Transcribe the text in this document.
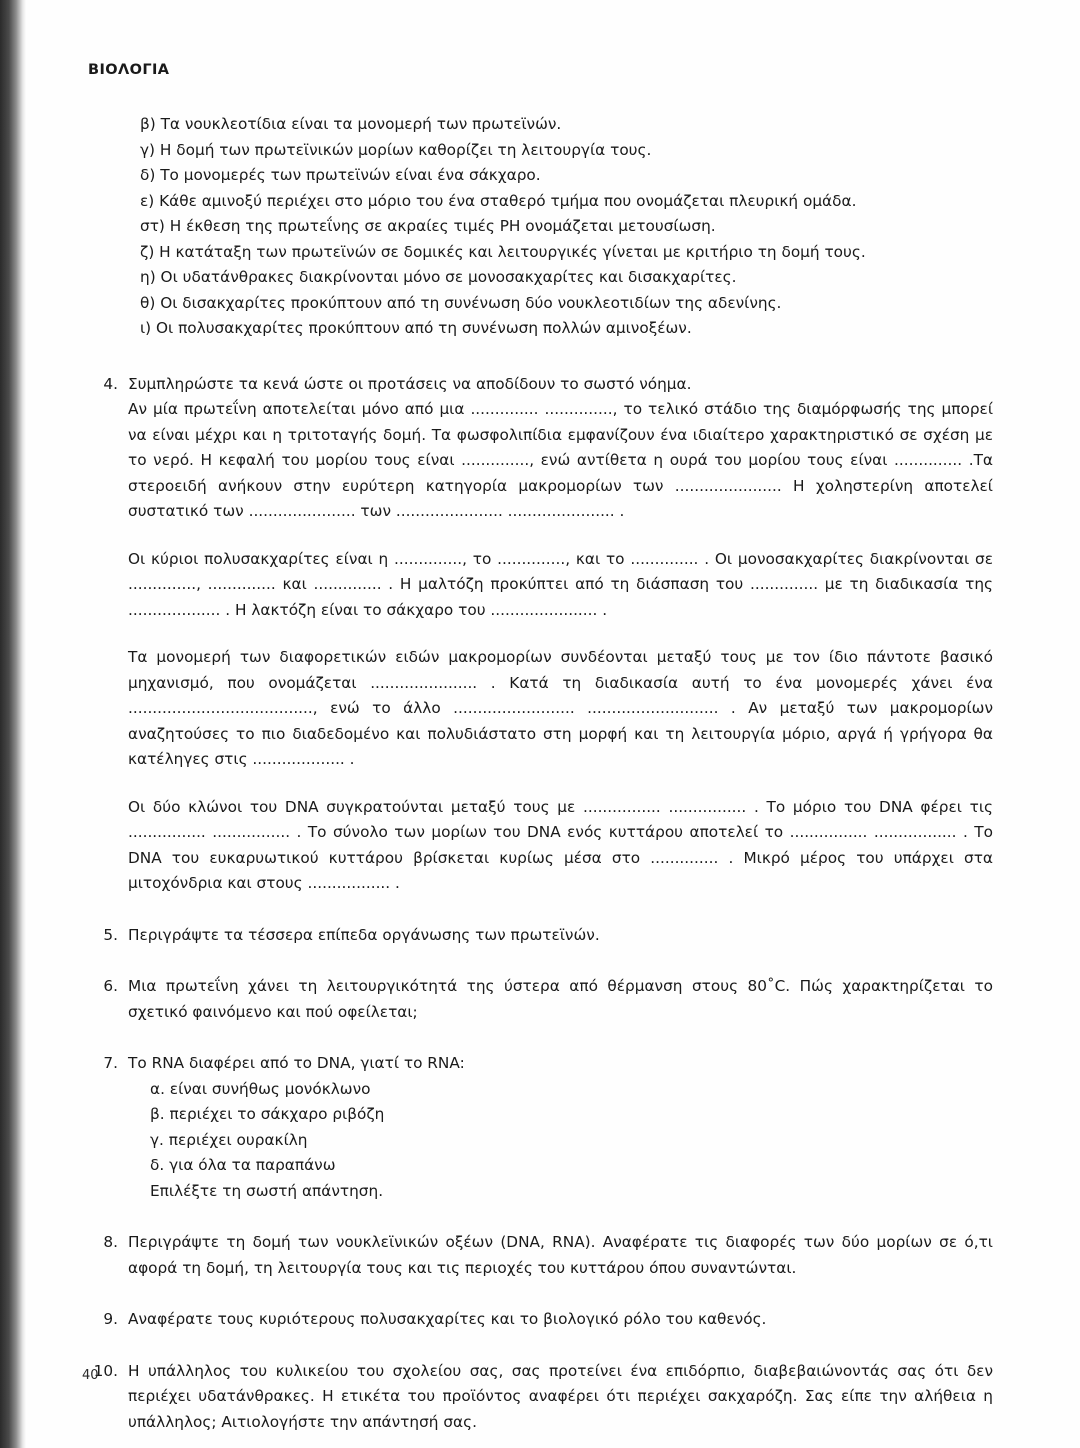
ΒΙΟΛΟΓΙΑ
β) Τα νουκλεοτίδια είναι τα μονομερή των πρωτεϊνών.
γ) Η δομή των πρωτεϊνικών μορίων καθορίζει τη λειτουργία τους.
δ) Το μονομερές των πρωτεϊνών είναι ένα σάκχαρο.
ε) Κάθε αμινοξύ περιέχει στο μόριο του ένα σταθερό τμήμα που ονομάζεται πλευρική ομάδα.
στ) Η έκθεση της πρωτεΐνης σε ακραίες τιμές PH ονομάζεται μετουσίωση.
ζ) Η κατάταξη των πρωτεϊνών σε δομικές και λειτουργικές γίνεται με κριτήριο τη δομή τους.
η) Οι υδατάνθρακες διακρίνονται μόνο σε μονοσακχαρίτες και δισακχαρίτες.
θ) Οι δισακχαρίτες προκύπτουν από τη συνένωση δύο νουκλεοτιδίων της αδενίνης.
ι) Οι πολυσακχαρίτες προκύπτουν από τη συνένωση πολλών αμινοξέων.
4. Συμπληρώστε τα κενά ώστε οι προτάσεις να αποδίδουν το σωστό νόημα.

Αν μία πρωτεΐνη αποτελείται μόνο από μια .............. .............., το τελικό στάδιο της διαμόρφωσής της μπορεί να είναι μέχρι και η τριτοταγής δομή. Τα φωσφολιπίδια εμφανίζουν ένα ιδιαίτερο χαρακτηριστικό σε σχέση με το νερό. Η κεφαλή του μορίου τους είναι .............., ενώ αντίθετα η ουρά του μορίου τους είναι .............. .Τα στεροειδή ανήκουν στην ευρύτερη κατηγορία μακρομορίων των ...................... Η χοληστερίνη αποτελεί συστατικό των ...................... των ...................... ...................... .

Οι κύριοι πολυσακχαρίτες είναι η .............., το .............., και το .............. . Οι μονοσακχαρίτες διακρίνονται σε .............., .............. και .............. . Η μαλτόζη προκύπτει από τη διάσπαση του .............. με τη διαδικασία της ................... . Η λακτόζη είναι το σάκχαρο του ...................... .

Τα μονομερή των διαφορετικών ειδών μακρομορίων συνδέονται μεταξύ τους με τον ίδιο πάντοτε βασικό μηχανισμό, που ονομάζεται ...................... . Κατά τη διαδικασία αυτή το ένα μονομερές χάνει ένα ......................................, ενώ το άλλο ......................... ........................... . Αν μεταξύ των μακρομορίων αναζητούσες το πιο διαδεδομένο και πολυδιάστατο στη μορφή και τη λειτουργία μόριο, αργά ή γρήγορα θα κατέληγες στις ................... .

Οι δύο κλώνοι του DNA συγκρατούνται μεταξύ τους με ................ ................ . Το μόριο του DNA φέρει τις ................ ................ . Το σύνολο των μορίων του DNA ενός κυττάρου αποτελεί το ................ ................. . Το DNA του ευκαρυωτικού κυττάρου βρίσκεται κυρίως μέσα στο .............. . Μικρό μέρος του υπάρχει στα μιτοχόνδρια και στους ................. .

5. Περιγράψτε τα τέσσερα επίπεδα οργάνωσης των πρωτεϊνών.

6. Μια πρωτεΐνη χάνει τη λειτουργικότητά της ύστερα από θέρμανση στους 80˚C. Πώς χαρακτηρίζεται το σχετικό φαινόμενο και πού οφείλεται;

7. Το RNA διαφέρει από το DNA, γιατί το RNA:

α. είναι συνήθως μονόκλωνο

β. περιέχει το σάκχαρο ριβόζη

γ. περιέχει ουρακίλη

δ. για όλα τα παραπάνω

Επιλέξτε τη σωστή απάντηση.

8. Περιγράψτε τη δομή των νουκλεϊνικών οξέων (DNA, RNA). Αναφέρατε τις διαφορές των δύο μορίων σε ό,τι αφορά τη δομή, τη λειτουργία τους και τις περιοχές του κυττάρου όπου συναντώνται.

9. Αναφέρατε τους κυριότερους πολυσακχαρίτες και το βιολογικό ρόλο του καθενός.

10. Η υπάλληλος του κυλικείου του σχολείου σας, σας προτείνει ένα επιδόρπιο, διαβεβαιώνοντάς σας ότι δεν περιέχει υδατάνθρακες. Η ετικέτα του προϊόντος αναφέρει ότι περιέχει σακχαρόζη. Σας είπε την αλήθεια η υπάλληλος; Αιτιολογήστε την απάντησή σας.

40
